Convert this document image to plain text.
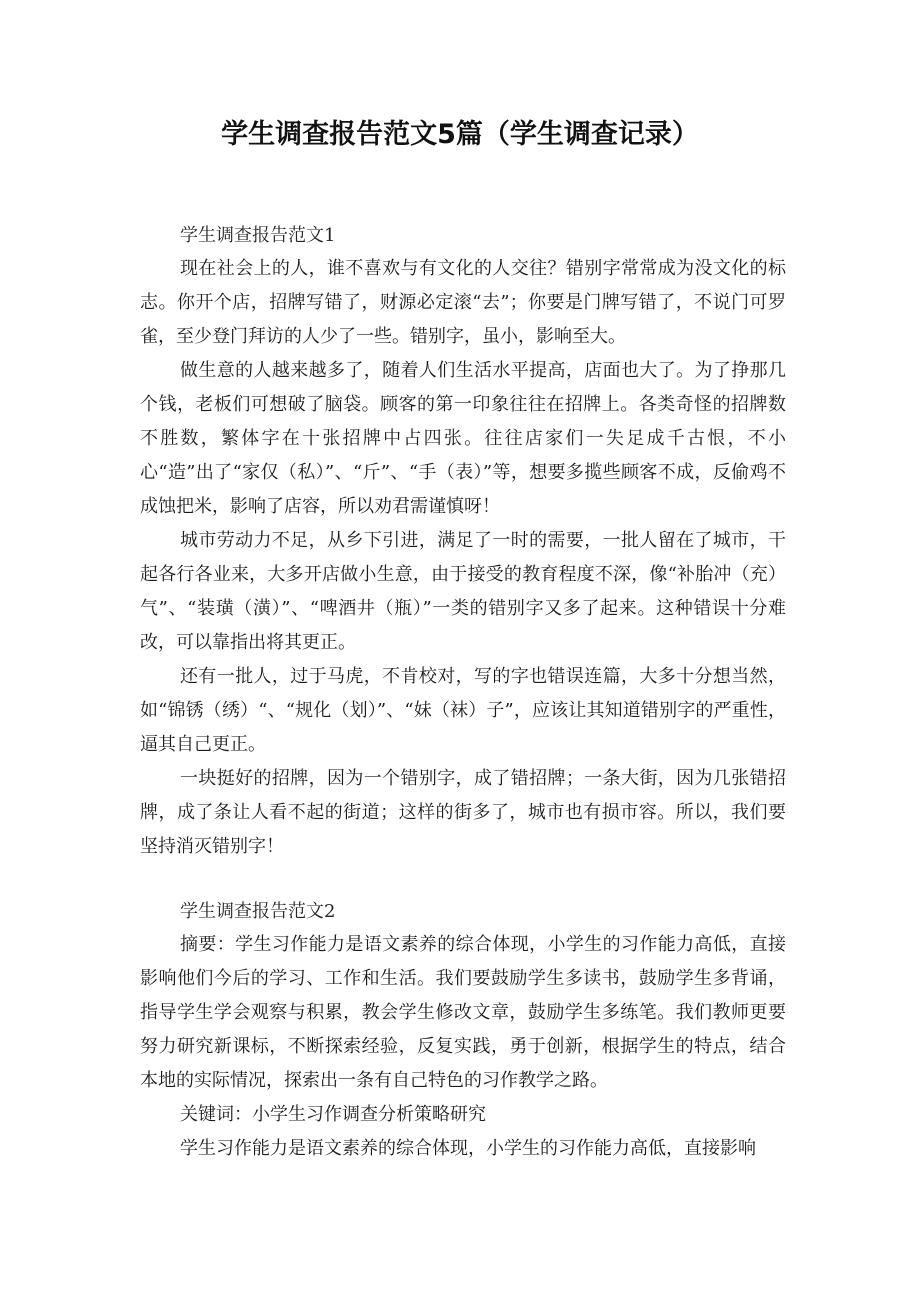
学生调查报告范文5篇（学生调查记录）

学生调查报告范文1

现在社会上的人，谁不喜欢与有文化的人交往？错别字常常成为没文化的标志。你开个店，招牌写错了，财源必定滚“去”；你要是门牌写错了，不说门可罗雀，至少登门拜访的人少了一些。错别字，虽小，影响至大。

做生意的人越来越多了，随着人们生活水平提高，店面也大了。为了挣那几个钱，老板们可想破了脑袋。顾客的第一印象往往在招牌上。各类奇怪的招牌数不胜数，繁体字在十张招牌中占四张。往往店家们一失足成千古恨，不小心“造”出了“家仅（私）”、“斤”、“手（表）”等，想要多揽些顾客不成，反偷鸡不成蚀把米，影响了店容，所以劝君需谨慎呀！

城市劳动力不足，从乡下引进，满足了一时的需要，一批人留在了城市，干起各行各业来，大多开店做小生意，由于接受的教育程度不深，像“补胎冲（充）气”、“装璜（潢）”、“啤酒井（瓶）”一类的错别字又多了起来。这种错误十分难改，可以靠指出将其更正。

还有一批人，过于马虎，不肯校对，写的字也错误连篇，大多十分想当然，如“锦锈（绣）“、“规化（划）”、“妹（袜）子”，应该让其知道错别字的严重性，逼其自己更正。

一块挺好的招牌，因为一个错别字，成了错招牌；一条大街，因为几张错招牌，成了条让人看不起的街道；这样的街多了，城市也有损市容。所以，我们要坚持消灭错别字！

学生调查报告范文2

摘要：学生习作能力是语文素养的综合体现，小学生的习作能力高低，直接影响他们今后的学习、工作和生活。我们要鼓励学生多读书，鼓励学生多背诵，指导学生学会观察与积累，教会学生修改文章，鼓励学生多练笔。我们教师更要努力研究新课标，不断探索经验，反复实践，勇于创新，根据学生的特点，结合本地的实际情况，探索出一条有自己特色的习作教学之路。

关键词：小学生习作调查分析策略研究

学生习作能力是语文素养的综合体现，小学生的习作能力高低，直接影响
